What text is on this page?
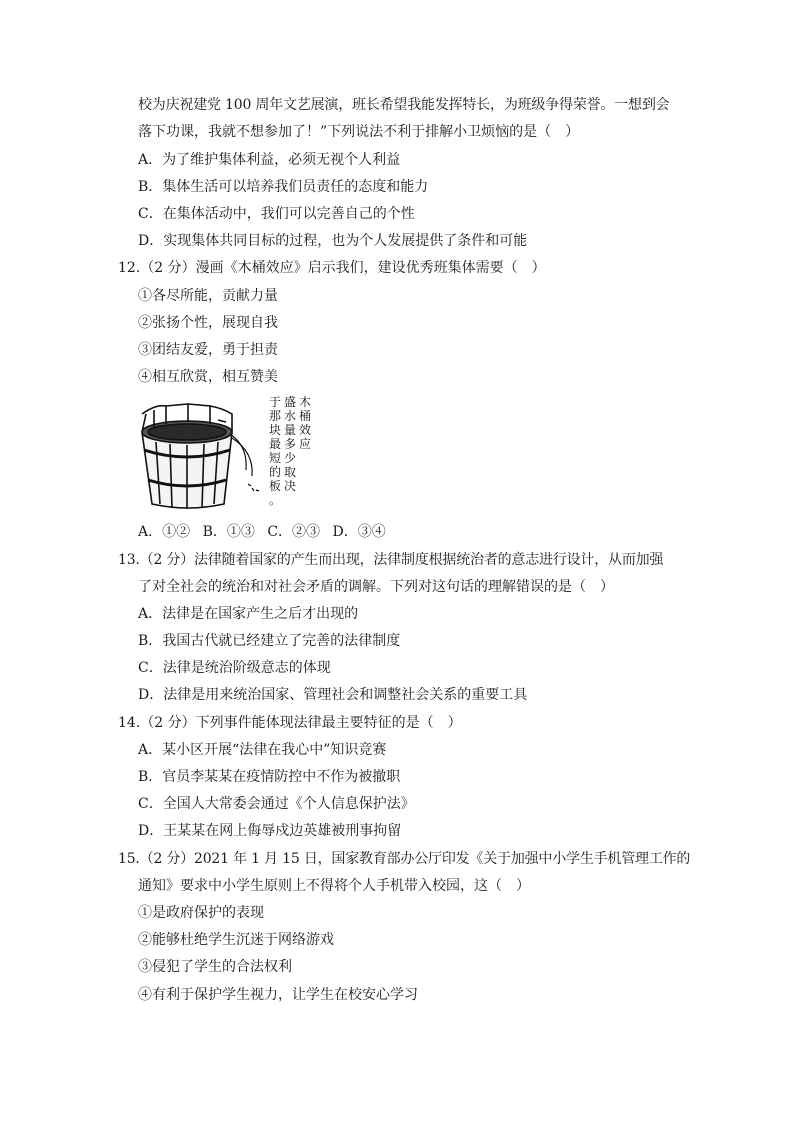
校为庆祝建党 100 周年文艺展演，班长希望我能发挥特长，为班级争得荣誉。一想到会
落下功课，我就不想参加了！”下列说法不利于排解小卫烦恼的是（　）
A．为了维护集体利益，必须无视个人利益
B．集体生活可以培养我们员责任的态度和能力
C．在集体活动中，我们可以完善自己的个性
D．实现集体共同目标的过程，也为个人发展提供了条件和可能
12.（2 分）漫画《木桶效应》启示我们，建设优秀班集体需要（　）
①各尽所能，贡献力量
②张扬个性，展现自我
③团结友爱，勇于担责
④相互欣赏，相互赞美
木桶效应
盛水量多少取决
于那块最短的板。
A．①② B．①③ C．②③ D．③④
13.（2 分）法律随着国家的产生而出现，法律制度根据统治者的意志进行设计，从而加强
了对全社会的统治和对社会矛盾的调解。下列对这句话的理解错误的是（　）
A．法律是在国家产生之后才出现的
B．我国古代就已经建立了完善的法律制度
C．法律是统治阶级意志的体现
D．法律是用来统治国家、管理社会和调整社会关系的重要工具
14.（2 分）下列事件能体现法律最主要特征的是（　）
A．某小区开展“法律在我心中”知识竞赛
B．官员李某某在疫情防控中不作为被撤职
C．全国人大常委会通过《个人信息保护法》
D．王某某在网上侮辱戍边英雄被刑事拘留
15.（2 分）2021 年 1 月 15 日，国家教育部办公厅印发《关于加强中小学生手机管理工作的
通知》要求中小学生原则上不得将个人手机带入校园，这（　）
①是政府保护的表现
②能够杜绝学生沉迷于网络游戏
③侵犯了学生的合法权利
④有利于保护学生视力，让学生在校安心学习
